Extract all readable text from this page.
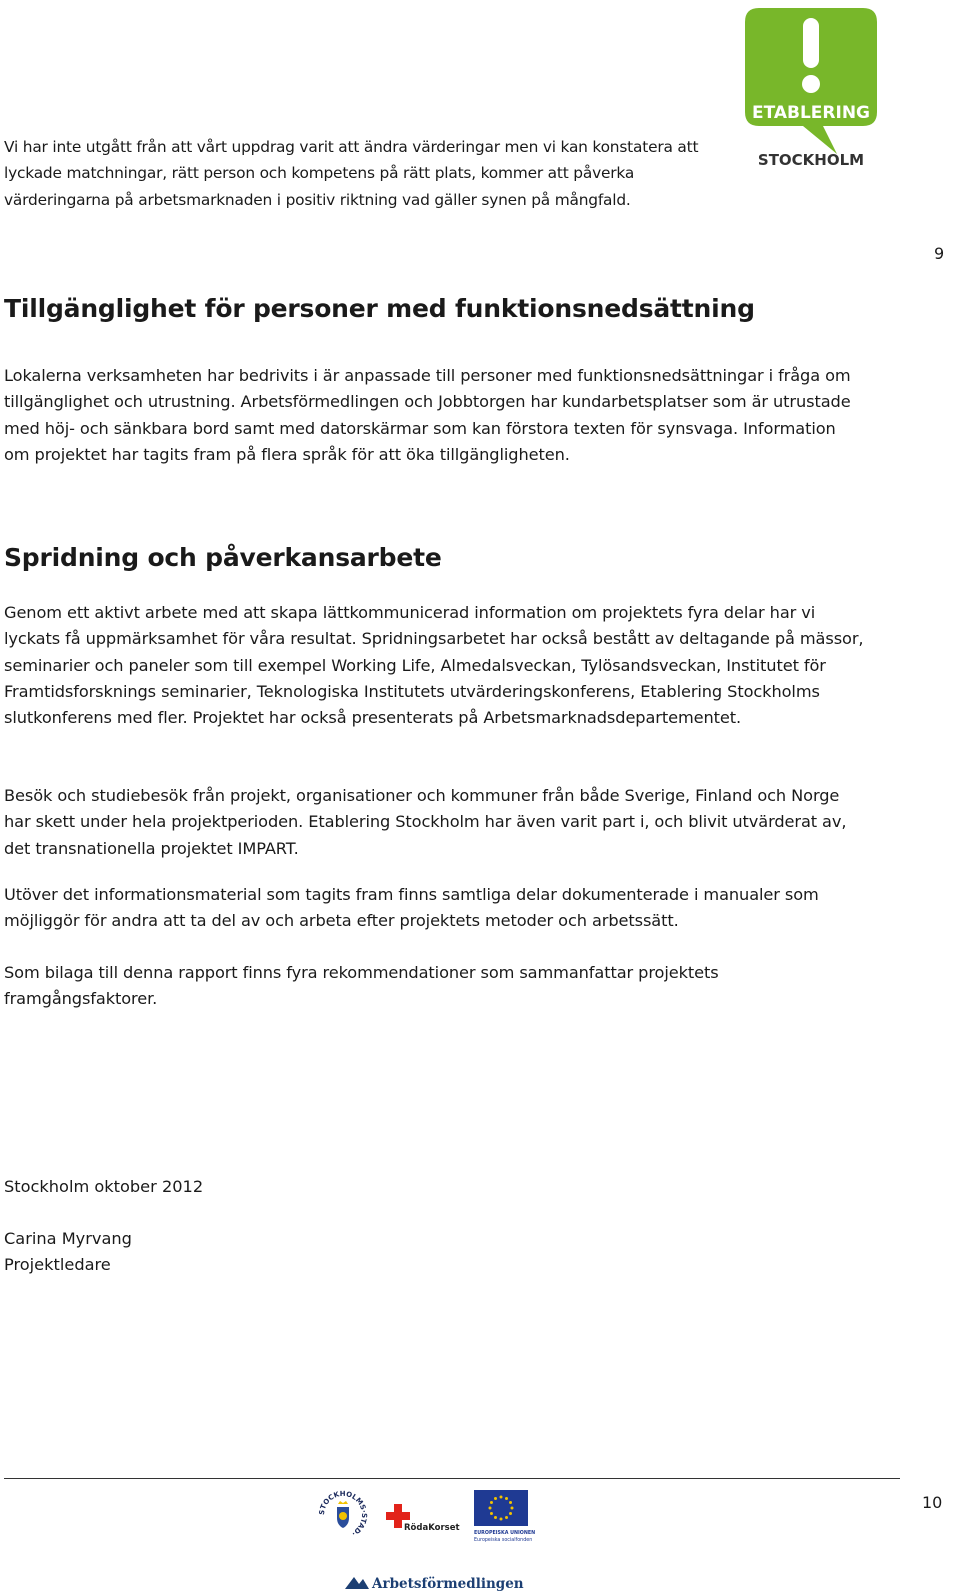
ETABLERING
STOCKHOLM

Vi har inte utgått från att vårt uppdrag varit att ändra värderingar men vi kan konstatera att lyckade matchningar, rätt person och kompetens på rätt plats, kommer att påverka värderingarna på arbetsmarknaden i positiv riktning vad gäller synen på mångfald.

9
Tillgänglighet för personer med funktionsnedsättning

Lokalerna verksamheten har bedrivits i är anpassade till personer med funktionsnedsättningar i fråga om tillgänglighet och utrustning. Arbetsförmedlingen och Jobbtorgen har kundarbetsplatser som är utrustade med höj- och sänkbara bord samt med datorskärmar som kan förstora texten för synsvaga. Information om projektet har tagits fram på flera språk för att öka tillgängligheten.

Spridning och påverkansarbete

Genom ett aktivt arbete med att skapa lättkommunicerad information om projektets fyra delar har vi lyckats få uppmärksamhet för våra resultat. Spridningsarbetet har också bestått av deltagande på mässor, seminarier och paneler som till exempel Working Life, Almedalsveckan, Tylösandsveckan, Institutet för Framtidsforsknings seminarier, Teknologiska Institutets utvärderingskonferens, Etablering Stockholms slutkonferens med fler. Projektet har också presenterats på Arbetsmarknadsdepartementet.

Besök och studiebesök från projekt, organisationer och kommuner från både Sverige, Finland och Norge har skett under hela projektperioden. Etablering Stockholm har även varit part i, och blivit utvärderat av, det transnationella projektet IMPART.

Utöver det informationsmaterial som tagits fram finns samtliga delar dokumenterade i manualer som möjliggör för andra att ta del av och arbeta efter projektets metoder och arbetssätt.

Som bilaga till denna rapport finns fyra rekommendationer som sammanfattar projektets framgångsfaktorer.

Stockholm oktober 2012

Carina Myrvang

Projektledare

STOCKHOLMS·STAD·
RödaKorset
EUROPEISKA UNIONEN
Europeiska socialfonden
Arbetsförmedlingen
10
